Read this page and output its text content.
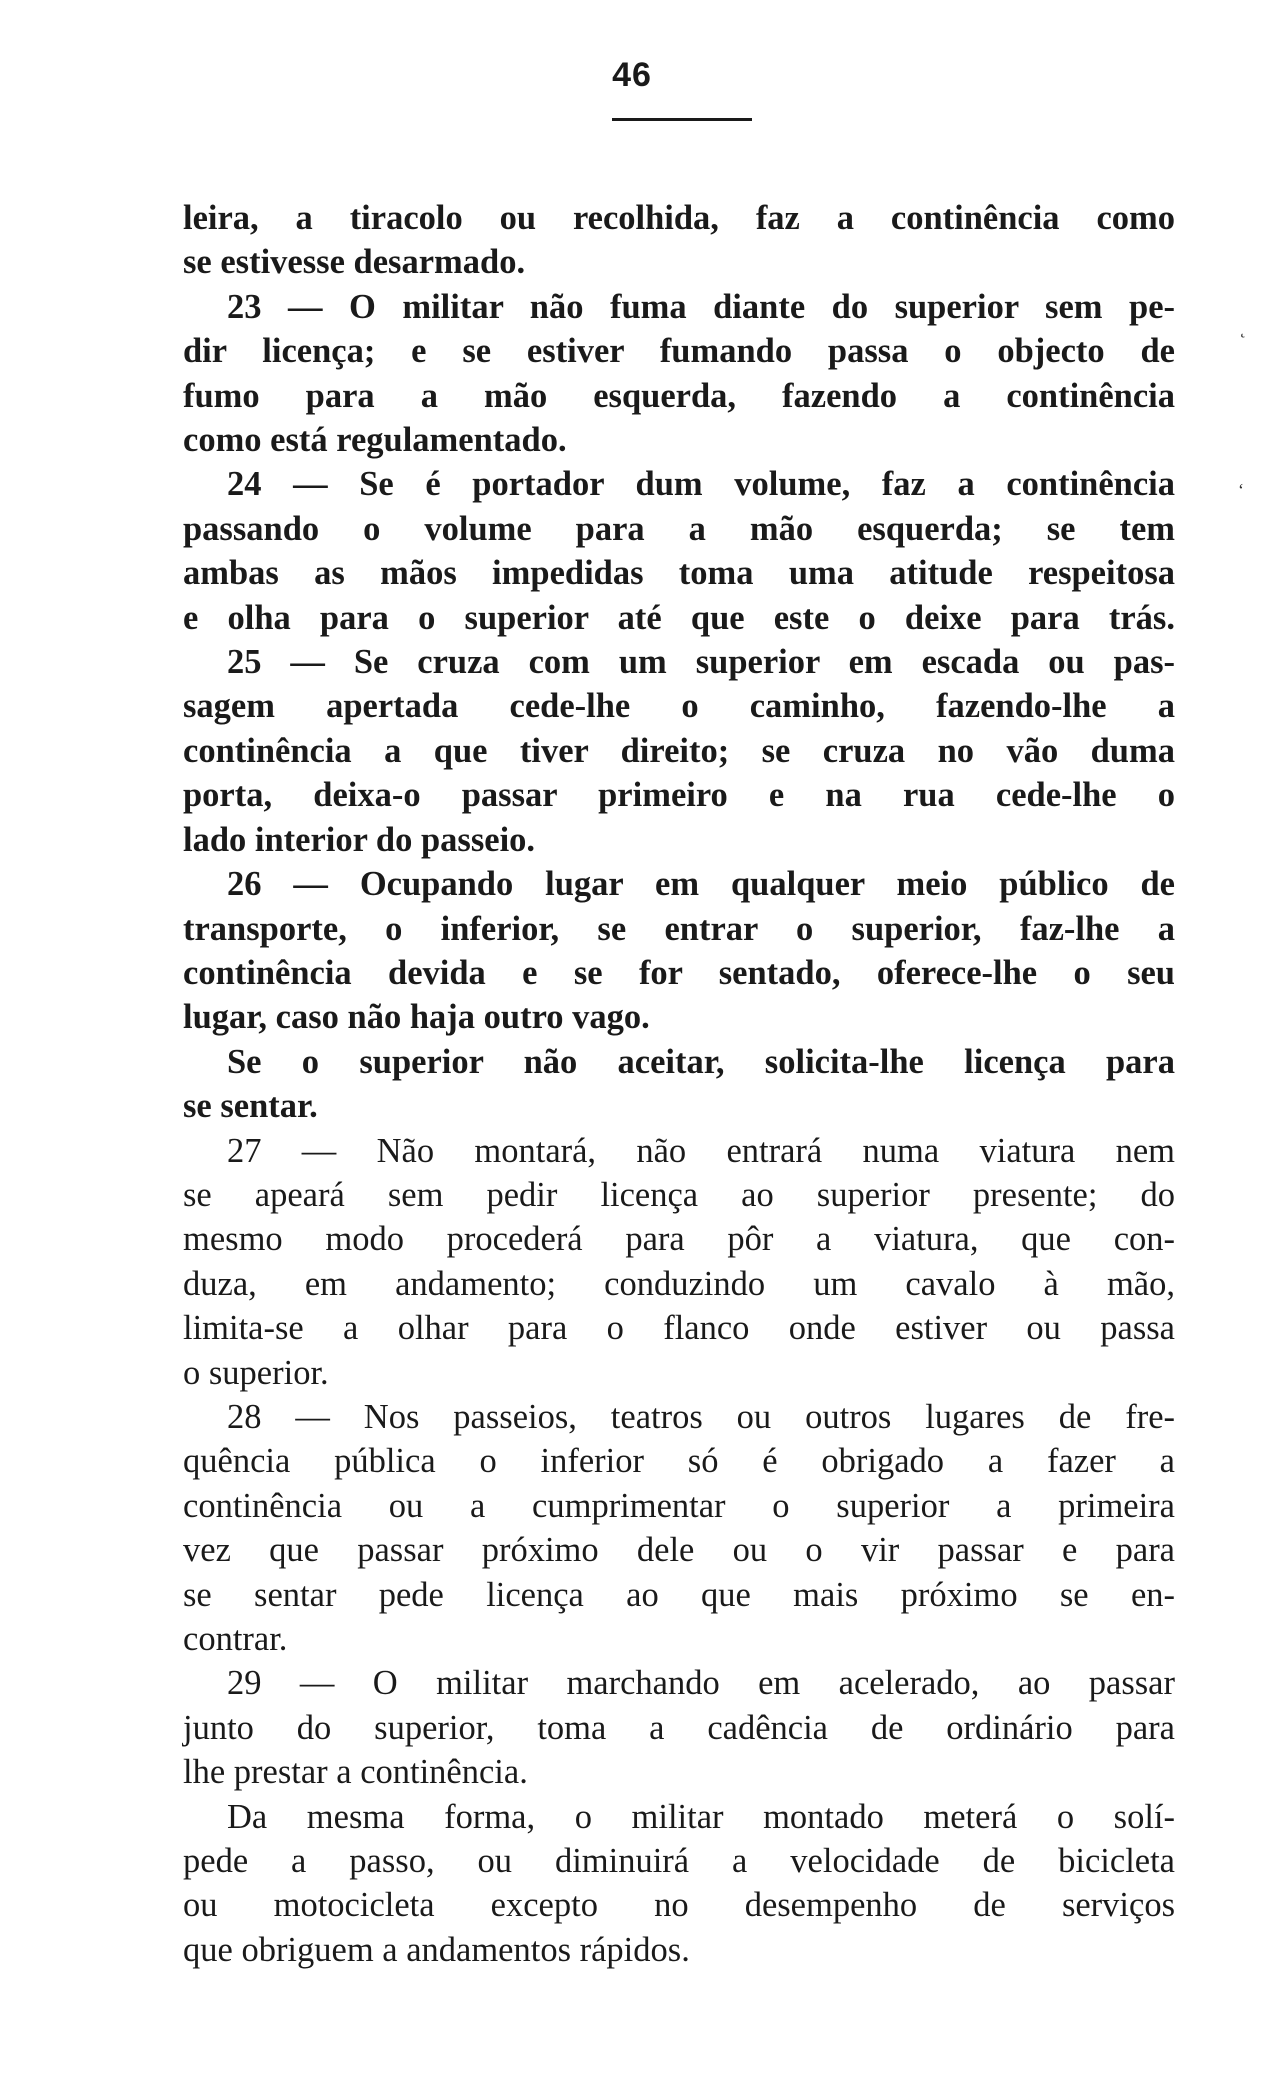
46
leira, a tiracolo ou recolhida, faz a continência como
se estivesse desarmado.
23 — O militar não fuma diante do superior sem pe-
dir licença; e se estiver fumando passa o objecto de
fumo para a mão esquerda, fazendo a continência
como está regulamentado.
24 — Se é portador dum volume, faz a continência
passando o volume para a mão esquerda; se tem
ambas as mãos impedidas toma uma atitude respeitosa
e olha para o superior até que este o deixe para trás.
25 — Se cruza com um superior em escada ou pas-
sagem apertada cede-lhe o caminho, fazendo-lhe a
continência a que tiver direito; se cruza no vão duma
porta, deixa-o passar primeiro e na rua cede-lhe o
lado interior do passeio.
26 — Ocupando lugar em qualquer meio público de
transporte, o inferior, se entrar o superior, faz-lhe a
continência devida e se for sentado, oferece-lhe o seu
lugar, caso não haja outro vago.
Se o superior não aceitar, solicita-lhe licença para
se sentar.
27 — Não montará, não entrará numa viatura nem
se apeará sem pedir licença ao superior presente; do
mesmo modo procederá para pôr a viatura, que con-
duza, em andamento; conduzindo um cavalo à mão,
limita-se a olhar para o flanco onde estiver ou passa
o superior.
28 — Nos passeios, teatros ou outros lugares de fre-
quência pública o inferior só é obrigado a fazer a
continência ou a cumprimentar o superior a primeira
vez que passar próximo dele ou o vir passar e para
se sentar pede licença ao que mais próximo se en-
contrar.
29 — O militar marchando em acelerado, ao passar
junto do superior, toma a cadência de ordinário para
lhe prestar a continência.
Da mesma forma, o militar montado meterá o solí-
pede a passo, ou diminuirá a velocidade de bicicleta
ou motocicleta excepto no desempenho de serviços
que obriguem a andamentos rápidos.
˛
ʻ
